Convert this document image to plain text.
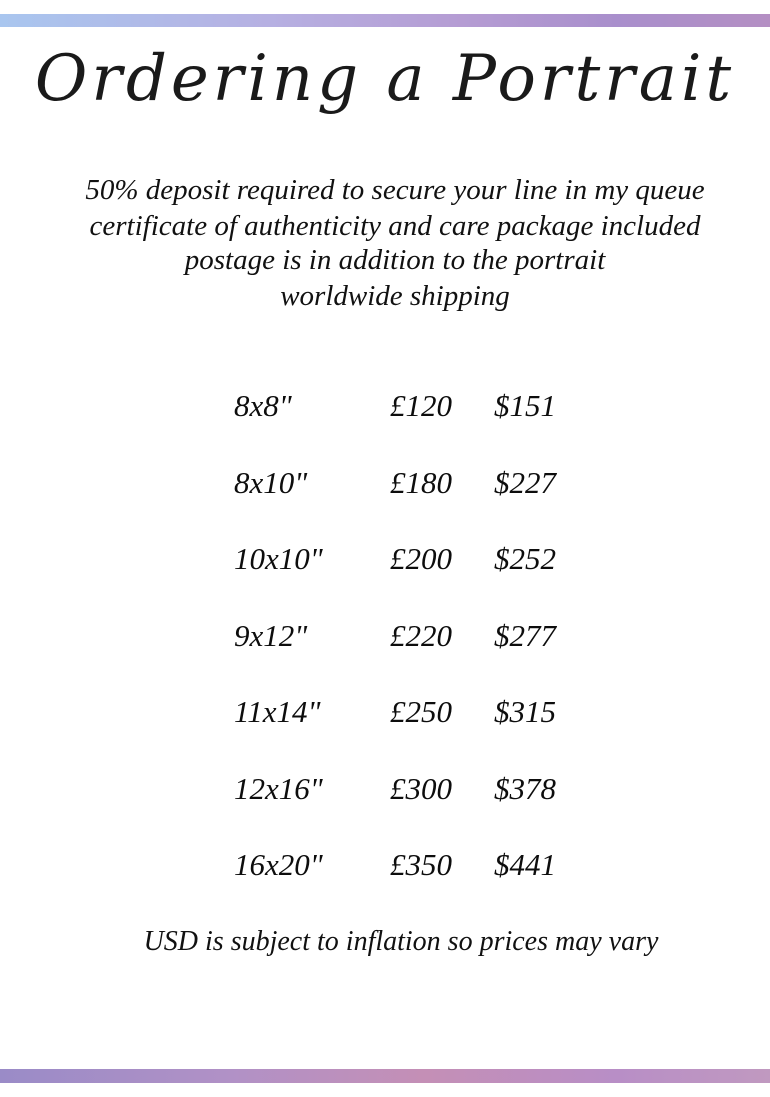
Ordering a Portrait
50% deposit required to secure your line in my queue
certificate of authenticity and care package included
postage is in addition to the portrait
worldwide shipping
8x8"	£120 $151
8x10"	£180 $227
10x10" £200 $252
9x12"	£220 $277
11x14" £250 $315
12x16" £300 $378
16x20" £350 $441
USD is subject to inflation so prices may vary
